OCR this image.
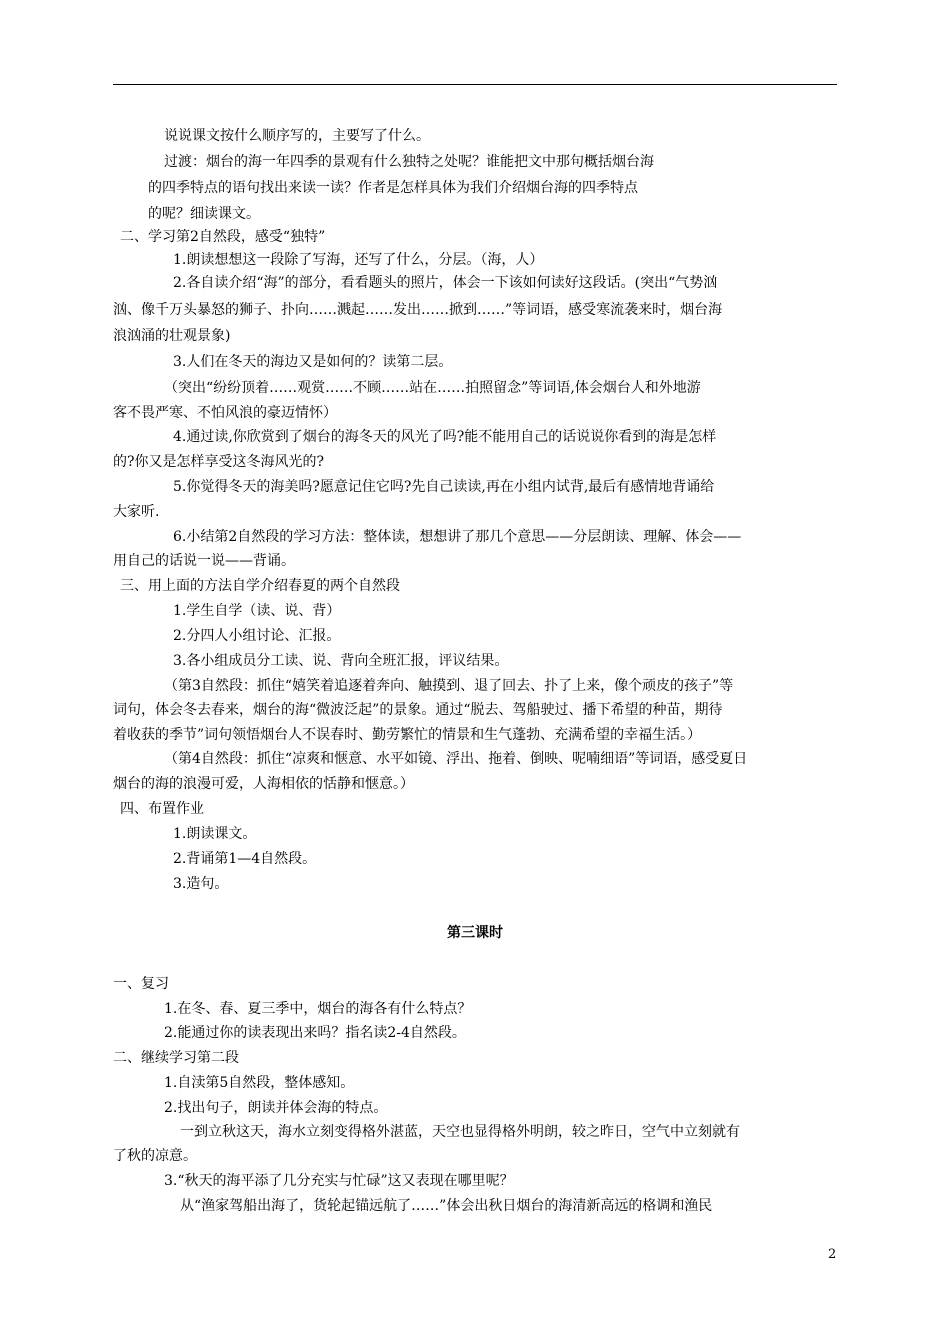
说说课文按什么顺序写的，主要写了什么。
过渡：烟台的海一年四季的景观有什么独特之处呢？谁能把文中那句概括烟台海
的四季特点的语句找出来读一读？作者是怎样具体为我们介绍烟台海的四季特点
的呢？细读课文。
二、学习第2自然段，感受“独特”
1.朗读想想这一段除了写海，还写了什么，分层。（海，人）
2.各自读介绍“海”的部分，看看题头的照片，体会一下该如何读好这段话。(突出“气势汹
汹、像千万头暴怒的狮子、扑向……溅起……发出……掀到……”等词语，感受寒流袭来时，烟台海
浪汹涌的壮观景象)
3.人们在冬天的海边又是如何的？读第二层。
（突出“纷纷顶着……观赏……不顾……站在……拍照留念”等词语,体会烟台人和外地游
客不畏严寒、不怕风浪的豪迈情怀）
4.通过读,你欣赏到了烟台的海冬天的风光了吗?能不能用自己的话说说你看到的海是怎样
的?你又是怎样享受这冬海风光的?
5.你觉得冬天的海美吗?愿意记住它吗?先自己读读,再在小组内试背,最后有感情地背诵给
大家听.
6.小结第2自然段的学习方法：整体读，想想讲了那几个意思——分层朗读、理解、体会——
用自己的话说一说——背诵。
三、用上面的方法自学介绍春夏的两个自然段
1.学生自学（读、说、背）
2.分四人小组讨论、汇报。
3.各小组成员分工读、说、背向全班汇报，评议结果。
（第3自然段：抓住“嬉笑着追逐着奔向、触摸到、退了回去、扑了上来，像个顽皮的孩子”等
词句，体会冬去春来，烟台的海“微波泛起”的景象。通过“脱去、驾船驶过、播下希望的种苗，期待
着收获的季节”词句领悟烟台人不误春时、勤劳繁忙的情景和生气蓬勃、充满希望的幸福生活。）
（第4自然段：抓住“凉爽和惬意、水平如镜、浮出、拖着、倒映、呢喃细语”等词语，感受夏日
烟台的海的浪漫可爱，人海相依的恬静和惬意。）
四、布置作业
1.朗读课文。
2.背诵第1—4自然段。
3.造句。
第三课时
一、复习
1.在冬、春、夏三季中，烟台的海各有什么特点？
2.能通过你的读表现出来吗？指名读2-4自然段。
二、继续学习第二段
1.自渎第5自然段，整体感知。
2.找出句子，朗读并体会海的特点。
一到立秋这天，海水立刻变得格外湛蓝，天空也显得格外明朗，较之昨日，空气中立刻就有
了秋的凉意。
3.“秋天的海平添了几分充实与忙碌”这又表现在哪里呢？
从“渔家驾船出海了，货轮起锚远航了……”体会出秋日烟台的海清新高远的格调和渔民
2
